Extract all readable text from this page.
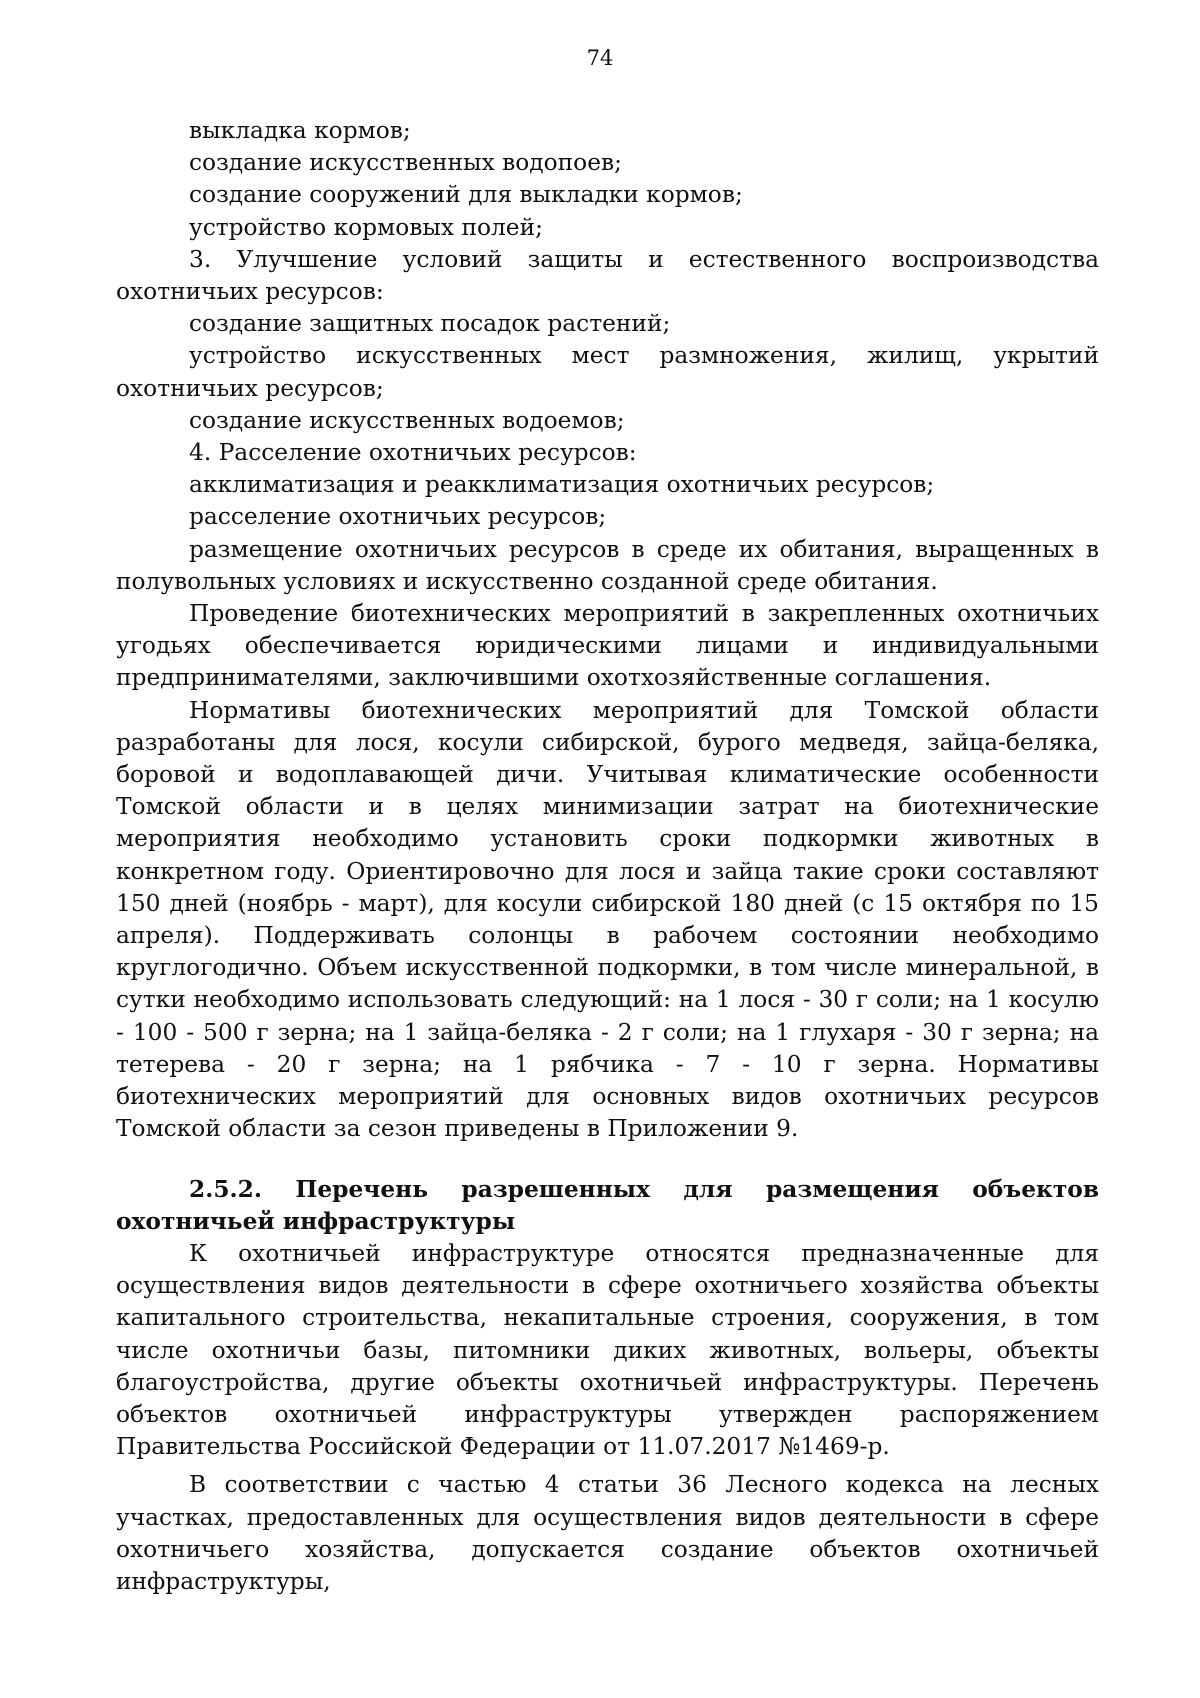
74

выкладка кормов;

создание искусственных водопоев;

создание сооружений для выкладки кормов;

устройство кормовых полей;

3. Улучшение условий защиты и естественного воспроизводства охотничьих ресурсов:

создание защитных посадок растений;

устройство искусственных мест размножения, жилищ, укрытий охотничьих ресурсов;

создание искусственных водоемов;

4. Расселение охотничьих ресурсов:

акклиматизация и реакклиматизация охотничьих ресурсов;

расселение охотничьих ресурсов;

размещение охотничьих ресурсов в среде их обитания, выращенных в полувольных условиях и искусственно созданной среде обитания.

Проведение биотехнических мероприятий в закрепленных охотничьих угодьях обеспечивается юридическими лицами и индивидуальными предпринимателями, заключившими охотхозяйственные соглашения.

Нормативы биотехнических мероприятий для Томской области разработаны для лося, косули сибирской, бурого медведя, зайца-беляка, боровой и водоплавающей дичи. Учитывая климатические особенности Томской области и в целях минимизации затрат на биотехнические мероприятия необходимо установить сроки подкормки животных в конкретном году. Ориентировочно для лося и зайца такие сроки составляют 150 дней (ноябрь - март), для косули сибирской 180 дней (с 15 октября по 15 апреля). Поддерживать солонцы в рабочем состоянии необходимо круглогодично. Объем искусственной подкормки, в том числе минеральной, в сутки необходимо использовать следующий: на 1 лося - 30 г соли; на 1 косулю - 100 - 500 г зерна; на 1 зайца-беляка - 2 г соли; на 1 глухаря - 30 г зерна; на тетерева - 20 г зерна; на 1 рябчика - 7 - 10 г зерна. Нормативы биотехнических мероприятий для основных видов охотничьих ресурсов Томской области за сезон приведены в Приложении 9.

2.5.2. Перечень разрешенных для размещения объектов охотничьей инфраструктуры

К охотничьей инфраструктуре относятся предназначенные для осуществления видов деятельности в сфере охотничьего хозяйства объекты капитального строительства, некапитальные строения, сооружения, в том числе охотничьи базы, питомники диких животных, вольеры, объекты благоустройства, другие объекты охотничьей инфраструктуры. Перечень объектов охотничьей инфраструктуры утвержден распоряжением Правительства Российской Федерации от 11.07.2017 №1469-р.

В соответствии с частью 4 статьи 36 Лесного кодекса на лесных участках, предоставленных для осуществления видов деятельности в сфере охотничьего хозяйства, допускается создание объектов охотничьей инфраструктуры,
